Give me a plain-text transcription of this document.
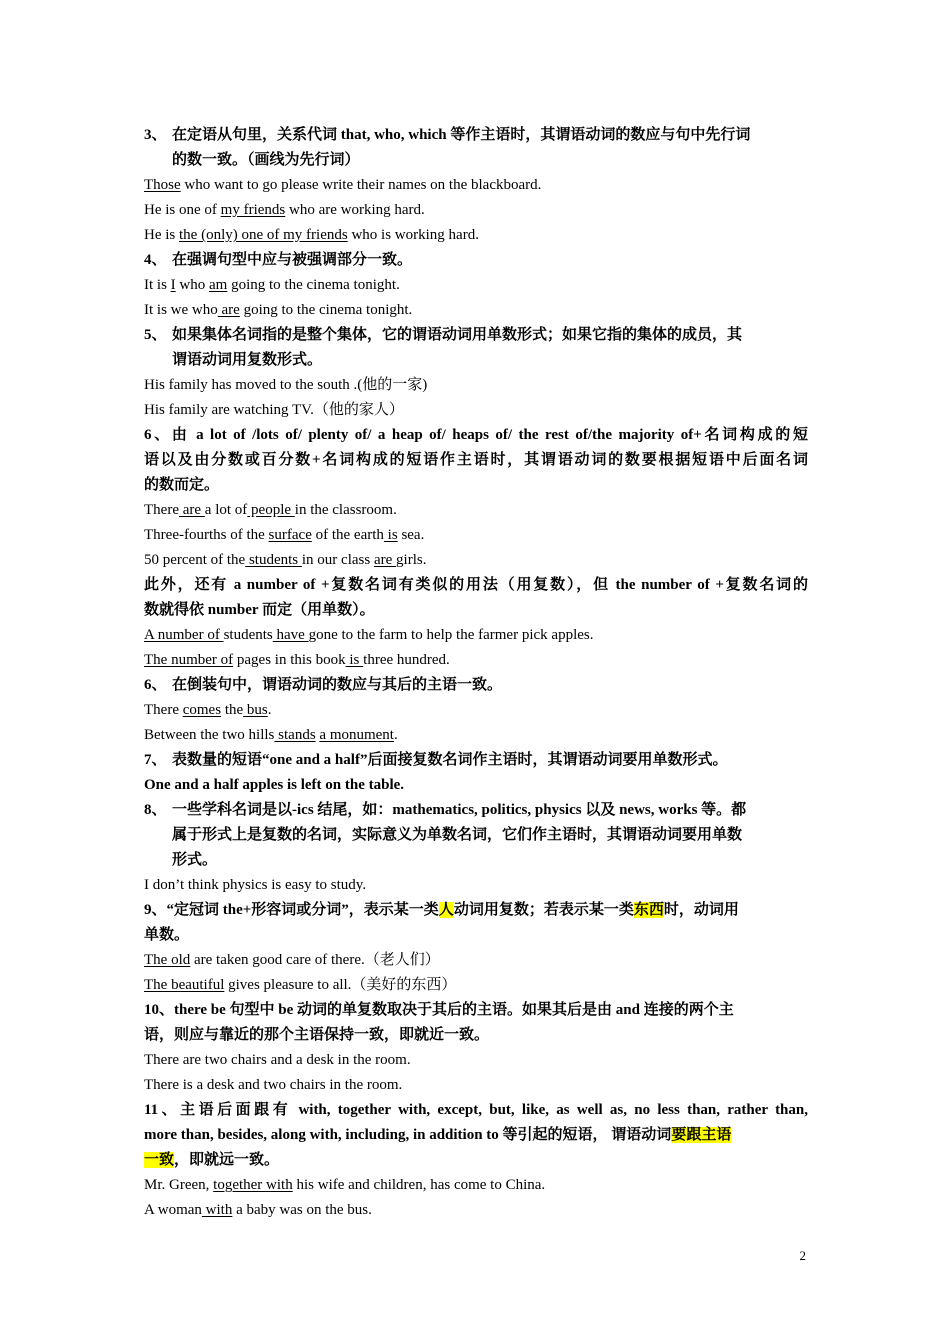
3、 在定语从句里，关系代词 that, who, which 等作主语时，其谓语动词的数应与句中先行词
的数一致。（画线为先行词）
Those who want to go please write their names on the blackboard.
He is one of my friends who are working hard.
He is the (only) one of my friends who is working hard.
4、 在强调句型中应与被强调部分一致。
It is I who am going to the cinema tonight.
It is we who are going to the cinema tonight.
5、 如果集体名词指的是整个集体，它的谓语动词用单数形式；如果它指的集体的成员，其
谓语动词用复数形式。
His family has moved to the south .(他的一家)
His family are watching TV.（他的家人）
6、由 a lot of /lots of/ plenty of/ a heap of/ heaps of/ the rest of/the majority of+名词构成的短
语以及由分数或百分数+名词构成的短语作主语时，其谓语动词的数要根据短语中后面名词
的数而定。
There are a lot of people in the classroom.
Three-fourths of the surface of the earth is sea.
50 percent of the students in our class are girls.
此外，还有 a number of +复数名词有类似的用法（用复数），但 the number of +复数名词的
数就得依 number 而定（用单数）。
A number of students have gone to the farm to help the farmer pick apples.
The number of pages in this book is three hundred.
6、 在倒装句中，谓语动词的数应与其后的主语一致。
There comes the bus.
Between the two hills stands a monument.
7、 表数量的短语“one and a half”后面接复数名词作主语时，其谓语动词要用单数形式。
One and a half apples is left on the table.
8、 一些学科名词是以-ics 结尾，如：mathematics, politics, physics 以及 news, works 等。都
属于形式上是复数的名词，实际意义为单数名词，它们作主语时，其谓语动词要用单数
形式。
I don’t think physics is easy to study.
9、“定冠词 the+形容词或分词”，表示某一类人动词用复数；若表示某一类东西时，动词用
单数。
The old are taken good care of there.（老人们）
The beautiful gives pleasure to all.（美好的东西）
10、there be 句型中 be 动词的单复数取决于其后的主语。如果其后是由 and 连接的两个主
语，则应与靠近的那个主语保持一致，即就近一致。
There are two chairs and a desk in the room.
There is a desk and two chairs in the room.
11、主语后面跟有 with, together with, except, but, like, as well as, no less than, rather than,
more than, besides, along with, including, in addition to 等引起的短语， 谓语动词要跟主语
一致，即就远一致。
Mr. Green, together with his wife and children, has come to China.
A woman with a baby was on the bus.
2
